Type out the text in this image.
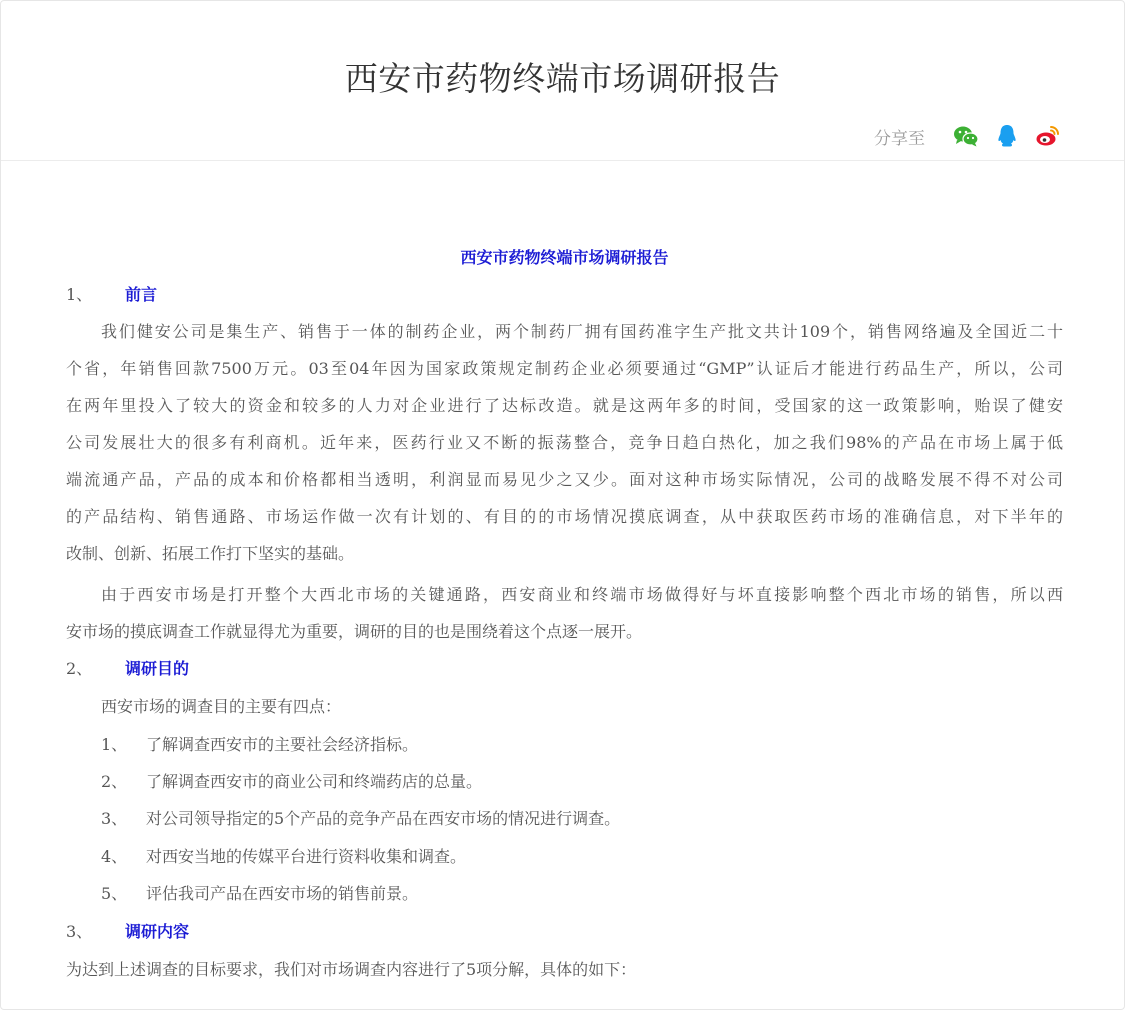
西安市药物终端市场调研报告
分享至
西安市药物终端市场调研报告
1、 前言
我们健安公司是集生产、销售于一体的制药企业，两个制药厂拥有国药准字生产批文共计109个，销售网络遍及全国近二十
个省，年销售回款7500万元。03至04年因为国家政策规定制药企业必须要通过“GMP”认证后才能进行药品生产，所以，公司
在两年里投入了较大的资金和较多的人力对企业进行了达标改造。就是这两年多的时间，受国家的这一政策影响，贻误了健安
公司发展壮大的很多有利商机。近年来，医药行业又不断的振荡整合，竞争日趋白热化，加之我们98%的产品在市场上属于低
端流通产品，产品的成本和价格都相当透明，利润显而易见少之又少。面对这种市场实际情况，公司的战略发展不得不对公司
的产品结构、销售通路、市场运作做一次有计划的、有目的的市场情况摸底调查，从中获取医药市场的准确信息，对下半年的
改制、创新、拓展工作打下坚实的基础。
由于西安市场是打开整个大西北市场的关键通路，西安商业和终端市场做得好与坏直接影响整个西北市场的销售，所以西
安市场的摸底调查工作就显得尤为重要，调研的目的也是围绕着这个点逐一展开。
2、 调研目的
西安市场的调查目的主要有四点：
1、 了解调查西安市的主要社会经济指标。
2、 了解调查西安市的商业公司和终端药店的总量。
3、 对公司领导指定的5个产品的竞争产品在西安市场的情况进行调查。
4、 对西安当地的传媒平台进行资料收集和调查。
5、 评估我司产品在西安市场的销售前景。
3、 调研内容
为达到上述调查的目标要求，我们对市场调查内容进行了5项分解，具体的如下：
